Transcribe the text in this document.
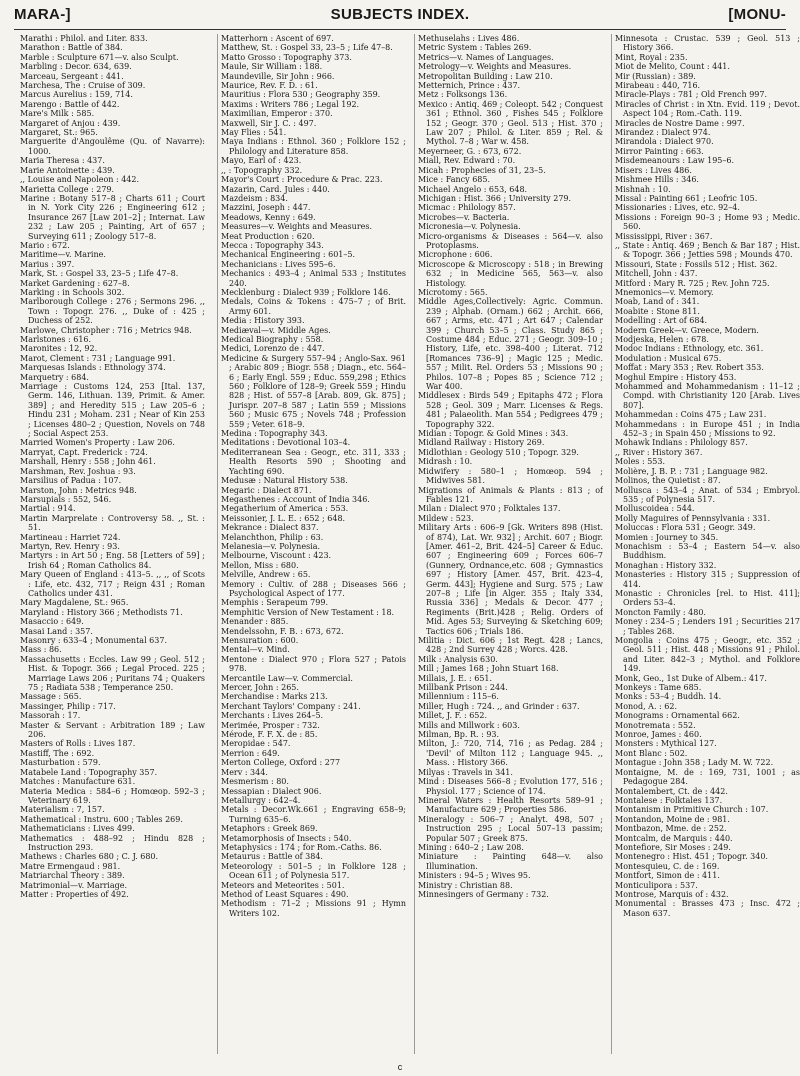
MARA-]	SUBJECTS INDEX.	[MONU-

Marathi : Philol. and Liter. 833.

Marathon : Battle of 384.

Marble : Sculpture 671—v. also Sculpt.

Marbling : Decor. 634, 639.

Marceau, Sergeant : 441.

Marchesa, The : Cruise of 309.

Marcus Aurelius : 159, 714.

Marengo : Battle of 442.

Mare's Milk : 585.

Margaret of Anjou : 439.

Margaret, St.: 965.

Marguerite d'Angoulême (Qu. of Navarre): 1000.

Maria Theresa : 437.

Marie Antoinette : 439.

,, Louise and Napoleon : 442.

Marietta College : 279.

Marine : Botany 517–8 ; Charts 611 ; Court in N. York City 226 ; Engineering 612 ; Insurance 267 [Law 201–2] ; Internat. Law 232 ; Law 205 ; Painting, Art of 657 ; Surveying 611 ; Zoology 517–8.

Mario : 672.

Maritime—v. Marine.

Marius : 397.

Mark, St. : Gospel 33, 23–5 ; Life 47–8.

Market Gardening : 627–8.

Marking : in Schools 302.

Marlborough College : 276 ; Sermons 296. ,, Town : Topogr. 276. ,, Duke of : 425 ; Duchess of 252.

Marlowe, Christopher : 716 ; Metrics 948.

Marlstones : 616.

Maronites : 12, 92.

Marot, Clement : 731 ; Language 991.

Marquesas Islands : Ethnology 374.

Marquetry : 684.

Marriage : Customs 124, 253 [Ital. 137, Germ. 146, Lithuan. 139, Primit. & Amer. 389] ; and Heredity 515 ; Law 205–6 ; Hindu 231 ; Moham. 231 ; Near of Kin 253 ; Licenses 480–2 ; Question, Novels on 748 ; Social Aspect 253.

Married Women's Property : Law 206.

Marryat, Capt. Frederick : 724.

Marshall, Henry : 558 ; John 461.

Marshman, Rev. Joshua : 93.

Marsilius of Padua : 107.

Marston, John : Metrics 948.

Marsupials : 552, 546.

Martial : 914.

Martin Marprelate : Controversy 58. ,, St. : 51.

Martineau : Harriet 724.

Martyn, Rev. Henry : 93.

Martyrs : in Art 50 ; Eng. 58 [Letters of 59] ; Irish 64 ; Roman Catholics 84.

Mary Queen of England : 413–5. ,, ,, of Scots : Life, etc. 432, 717 ; Reign 431 ; Roman Catholics under 431.

Mary Magdalene, St.: 965.

Maryland : History 366 ; Methodists 71.

Masaccio : 649.

Masai Land : 357.

Masonry : 633–4 ; Monumental 637.

Mass : 86.

Massachusetts : Eccles. Law 99 ; Geol. 512 ; Hist. & Topogr. 366 ; Legal Proced. 225 ; Marriage Laws 206 ; Puritans 74 ; Quakers 75 ; Radiata 538 ; Temperance 250.

Massage : 565.

Massinger, Philip : 717.

Massorah : 17.

Master & Servant : Arbitration 189 ; Law 206.

Masters of Rolls : Lives 187.

Mastiff, The : 692.

Masturbation : 579.

Matabele Land : Topography 357.

Matches : Manufacture 631.

Materia Medica : 584–6 ; Homœop. 592–3 ; Veterinary 619.

Materialism : 7, 157.

Mathematical : Instru. 600 ; Tables 269.

Mathematicians : Lives 499.

Mathematics : 488–92 ; Hindu 828 ; Instruction 293.

Mathews : Charles 680 ; C. J. 680.

Matre Ermengaud : 981.

Matriarchal Theory : 389.

Matrimonial—v. Marriage.

Matter : Properties of 492.

Matterhorn : Ascent of 697.

Matthew, St. : Gospel 33, 23–5 ; Life 47–8.

Matto Grosso : Topography 373.

Maule, Sir William : 188.

Maundeville, Sir John : 966.

Maurice, Rev. F. D. : 61.

Mauritius : Flora 530 ; Geography 359.

Maxims : Writers 786 ; Legal 192.

Maximilian, Emperor : 370.

Maxwell, Sir J. C. : 497.

May Flies : 541.

Maya Indians : Ethnol. 360 ; Folklore 152 ; Philology and Literature 858.

Mayo, Earl of : 423.

,, : Topography 332.

Mayor's Court : Procedure & Prac. 223.

Mazarin, Card. Jules : 440.

Mazdeism : 834.

Mazzini, Joseph : 447.

Meadows, Kenny : 649.

Measures—v. Weights and Measures.

Meat Production : 620.

Mecca : Topography 343.

Mechanical Engineering : 601–5.

Mechanicians : Lives 595–6.

Mechanics : 493–4 ; Animal 533 ; Institutes 240.

Mecklenburg : Dialect 939 ; Folklore 146.

Medals, Coins & Tokens : 475–7 ; of Brit. Army 601.

Media : History 393.

Mediæval—v. Middle Ages.

Medical Biography : 558.

Medici, Lorenzo de : 447.

Medicine & Surgery 557–94 ; Anglo-Sax. 961 ; Arabic 809 ; Biogr. 558 ; Diagn., etc. 564–6 ; Early Engl. 559 ; Educ. 559,298 ; Ethics 560 ; Folklore of 128–9; Greek 559 ; Hindu 828 ; Hist. of 557–8 [Arab. 809, Gk. 875] ; Jurispr. 207–8 587 ; Latin 559 ; Missions 560 ; Music 675 ; Novels 748 ; Profession 559 ; Veter. 618–9.

Medina : Topography 343.

Meditations : Devotional 103–4.

Mediterranean Sea : Geogr., etc. 311, 333 ; Health Resorts 590 ; Shooting and Yachting 690.

Medusæ : Natural History 538.

Megaric : Dialect 871.

Megasthenes : Account of India 346.

Megatherium of America : 553.

Meissonier, J. L. E. : 652 ; 648.

Mekrance : Dialect 837.

Melanchthon, Philip : 63.

Melanesia—v. Polynesia.

Melbourne, Viscount : 423.

Mellon, Miss : 680.

Melville, Andrew : 65.

Memory : Cultiv. of 288 ; Diseases 566 ; Psychological Aspect of 177.

Memphis : Serapeum 799.

Memphitic Version of New Testament : 18.

Menander : 885.

Mendelssohn, F. B. : 673, 672.

Mensuration : 600.

Mental—v. Mind.

Mentone : Dialect 970 ; Flora 527 ; Patois 978.

Mercantile Law—v. Commercial.

Mercer, John : 265.

Merchandise : Marks 213.

Merchant Taylors' Company : 241.

Merchants : Lives 264–5.

Merimée, Prosper : 732.

Mérode, F. F. X. de : 85.

Meropidae : 547.

Merrion : 649.

Merton College, Oxford : 277

Merv : 344.

Mesmerism : 80.

Messapian : Dialect 906.

Metallurgy : 642–4.

Metals : Decor.Wk.661 ; Engraving 658–9; Turning 635–6.

Metaphors : Greek 869.

Metamorphosis of Insects : 540.

Metaphysics : 174 ; for Rom.-Caths. 86.

Metaurus : Battle of 384.

Meteorology : 501–5 ; in Folklore 128 ; Ocean 611 ; of Polynesia 517.

Meteors and Meteorites : 501.

Method of Least Squares : 490.

Methodism : 71–2 ; Missions 91 ; Hymn Writers 102.

Methuselahs : Lives 486.

Metric System : Tables 269.

Metrics—v. Names of Languages.

Metrology—v. Weights and Measures.

Metropolitan Building : Law 210.

Metternich, Prince : 437.

Metz : Folksongs 136.

Mexico : Antiq. 469 ; Coleopt. 542 ; Conquest 361 ; Ethnol. 360 , Fishes 545 ; Folklore 152 ; Geogr. 370 ; Geol. 513 ; Hist. 370 ; Law 207 ; Philol. & Liter. 859 ; Rel. & Mythol. 7–8 ; War w. 458.

Meyerneer, G. : 673, 672.

Miall, Rev. Edward : 70.

Micah : Prophecies of 31, 23–5.

Mice : Fancy 685.

Michael Angelo : 653, 648.

Michigan : Hist. 366 ; University 279.

Micmac : Philology 857.

Microbes—v. Bacteria.

Micronesia—v. Polynesia.

Micro-organisms & Diseases : 564—v. also Protoplasms.

Microphone : 606.

Microscope & Microscopy : 518 ; in Brewing 632 ; in Medicine 565, 563—v. also Histology.

Microtomy : 565.

Middle Ages,Collectively: Agric. Commun. 239 ; Alphab. (Ornam.) 662 ; Archit. 666, 667 ; Arms, etc. 471 ; Art 647 ; Calendar 399 ; Church 53–5 ; Class. Study 865 ; Costume 484 ; Educ. 271 ; Geogr. 309–10 ; History, Life, etc. 398–400 ; Literat. 712 [Romances 736–9] ; Magic 125 ; Medic. 557 ; Milit. Rel. Orders 53 ; Missions 90 ; Philos. 107–8 ; Popes 85 ; Science 712 ; War 400.

Middlesex : Birds 549 ; Epitaphs 472 ; Flora 528 ; Geol. 309 ; Marr. Licenses & Regs. 481 ; Palaeolith. Man 554 ; Pedigrees 479 ; Topography 322.

Midian : Topogr. & Gold Mines : 343.

Midland Railway : History 269.

Midlothian : Geology 510 ; Topogr. 329.

Midrash : 10.

Midwifery : 580–1 ; Homœop. 594 ; Midwives 581.

Migrations of Animals & Plants : 813 ; of Fables 121.

Milan : Dialect 970 ; Folktales 137.

Mildew : 523.

Military Arts : 606–9 [Gk. Writers 898 (Hist. of 874), Lat. Wr. 932] ; Archit. 607 ; Biogr. [Amer. 461–2, Brit. 424–5] Career & Educ. 607 ; Engineering 609 ; Forces 606–7 (Gunnery, Ordnance,etc. 608 ; Gymnastics 697 ; History [Amer. 457, Brit. 423–4, Germ. 443]; Hygiene and Surg. 575 ; Law 207–8 ; Life [in Alger. 355 ; Italy 334, Russia 336] ; Medals & Decor. 477 ; Regiments (Brit.)428 ; Relig. Orders of Mid. Ages 53; Surveying & Sketching 609; Tactics 606 ; Trials 186.

Militia : Dict. 606 ; 1st Regt. 428 ; Lancs, 428 ; 2nd Surrey 428 ; Worcs. 428.

Milk : Analysis 630.

Mill ; James 168 ; John Stuart 168.

Millais, J. E. : 651.

Millbank Prison : 244.

Millennium : 115–6.

Miller, Hugh : 724. ,, and Grinder : 637.

Millet, J. F. : 652.

Mills and Millwork : 603.

Milman, Bp. R. : 93.

Milton, J.: 720, 714, 716 ; as Pedag. 284 ; 'Devil' of Milton 112 ; Language 945. ,, Mass. : History 366.

Milyas : Travels in 341.

Mind : Diseases 566–8 ; Evolution 177, 516 ; Physiol. 177 ; Science of 174.

Mineral Waters : Health Resorts 589–91 ; Manufacture 629 ; Properties 586.

Mineralogy : 506–7 ; Analyt. 498, 507 ; Instruction 295 ; Local 507–13 passim; Popular 507 ; Greek 875.

Mining : 640–2 ; Law 208.

Miniature : Painting 648—v. also Illumination.

Ministers : 94–5 ; Wives 95.

Ministry : Christian 88.

Minnesingers of Germany : 732.

Minnesota : Crustac. 539 ; Geol. 513 ; History 366.

Mint, Royal : 235.

Miot de Melito, Count : 441.

Mir (Russian) : 389.

Mirabeau : 440, 716.

Miracle-Plays : 781 ; Old French 997.

Miracles of Christ : in Xtn. Evid. 119 ; Devot. Aspect 104 ; Rom.-Cath. 119.

Miracles de Nostre Dame : 997.

Mirandez : Dialect 974.

Mirandola : Dialect 970.

Mirror Painting : 663.

Misdemeanours : Law 195–6.

Misers : Lives 486.

Mishmee Hills : 346.

Mishnah : 10.

Missal : Painting 661 ; Leofric 105.

Missionaries : Lives, etc. 92–4.

Missions : Foreign 90–3 ; Home 93 ; Medic. 560.

Mississippi, River : 367.

,, State : Antiq. 469 ; Bench & Bar 187 ; Hist. & Topogr. 366 ; Jetties 598 ; Mounds 470.

Missouri, State : Fossils 512 ; Hist. 362.

Mitchell, John : 437.

Mitford : Mary R. 725 ; Rev. John 725.

Mnemonics—v. Memory.

Moab, Land of : 341.

Moabite : Stone 811.

Modelling : Art of 684.

Modern Greek—v. Greece, Modern.

Modjeska, Helen : 678.

Modoc Indians : Ethnology, etc. 361.

Modulation : Musical 675.

Moffat : Mary 353 ; Rev. Robert 353.

Moghul Empire : History 453.

Mohammed and Mohammedanism : 11–12 ; Compd. with Christianity 120 [Arab. Lives 807].

Mohammedan : Coins 475 ; Law 231.

Mohammedans : in Europe 451 ; in India 452–3 ; in Spain 450 ; Missions to 92.

Mohawk Indians : Philology 857.

,, River : History 367.

Moles : 553.

Molière, J. B. P. : 731 ; Language 982.

Molinos, the Quietist : 87.

Mollusca : 543–4 ; Anat. of 534 ; Embryol. 535 ; of Polynesia 517.

Molluscoidea : 544.

Molly Maguires of Pennsylvania : 331.

Moluccas : Flora 531 ; Geogr. 349.

Momien : Journey to 345.

Monachism : 53–4 ; Eastern 54—v. also Buddhism.

Monaghan : History 332.

Monasteries : History 315 ; Suppression of 414.

Monastic : Chronicles [rel. to Hist. 411]; Orders 53–4.

Moncton Family : 480.

Money : 234–5 ; Lenders 191 ; Securities 217 ; Tables 268.

Mongolia : Coins 475 ; Geogr., etc. 352 ; Geol. 511 ; Hist. 448 ; Missions 91 ; Philol. and Liter. 842–3 ; Mythol. and Folklore 149.

Monk, Geo., 1st Duke of Albem.: 417.

Monkeys : Tame 685.

Monks : 53–4 ; Buddh. 14.

Monod, A. : 62.

Monograms : Ornamental 662.

Monotremata : 552.

Monroe, James : 460.

Monsters : Mythical 127.

Mont Blanc : 502.

Montague : John 358 ; Lady M. W. 722.

Montaigne, M. de : 169, 731, 1001 ; as Pedagogue 284.

Montalembert, Ct. de : 442.

Montalese : Folktales 137.

Montanism in Primitive Church : 107.

Montandon, Moine de : 981.

Montbazon, Mme. de : 252.

Montcalm, de Marquis : 440.

Montefiore, Sir Moses : 249.

Montenegro : Hist. 451 ; Topogr. 340.

Montesquieu, C. de : 169.

Montfort, Simon de : 411.

Monticulipora : 537.

Montrose, Marquis of : 432.

Monumental : Brasses 473 ; Insc. 472 ; Mason 637.

c
